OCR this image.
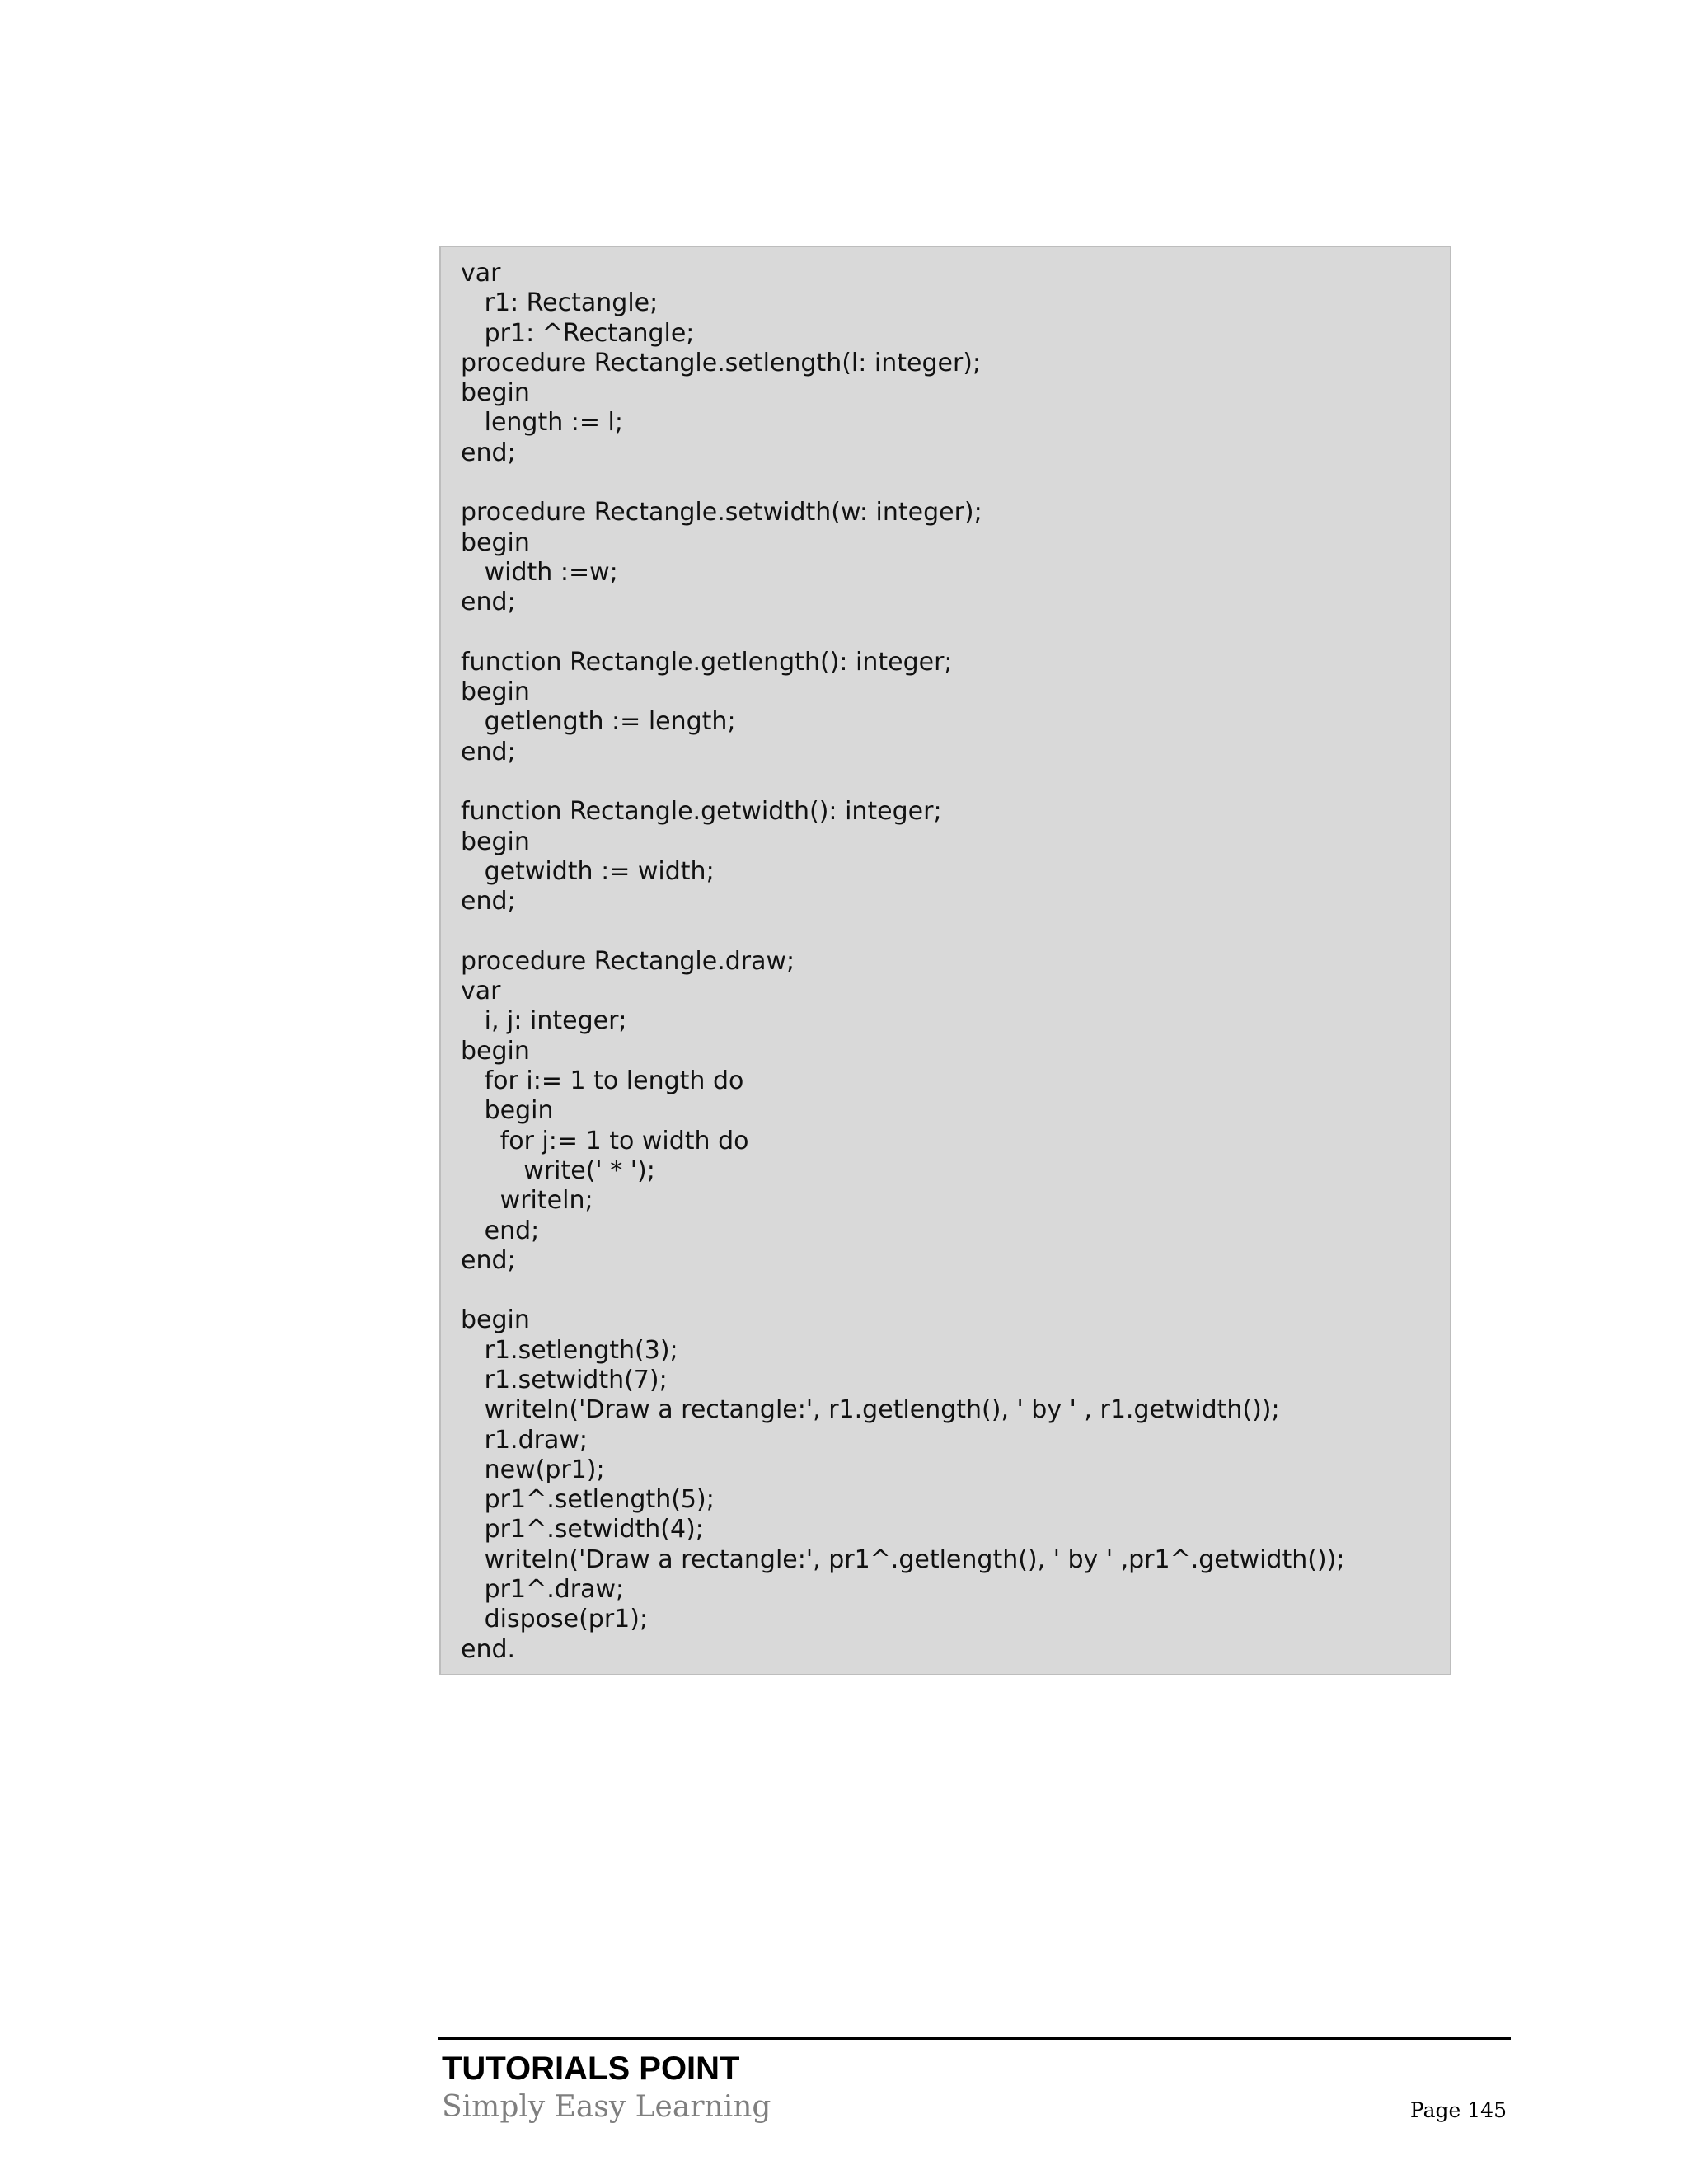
var
r1: Rectangle;
pr1: ^Rectangle;
procedure Rectangle.setlength(l: integer);
begin
length := l;
end;
procedure Rectangle.setwidth(w: integer);
begin
width :=w;
end;
function Rectangle.getlength(): integer;
begin
getlength := length;
end;
function Rectangle.getwidth(): integer;
begin
getwidth := width;
end;
procedure Rectangle.draw;
var
i, j: integer;
begin
for i:= 1 to length do
begin
for j:= 1 to width do
write(' * ');
writeln;
end;
end;
begin
r1.setlength(3);
r1.setwidth(7);
writeln('Draw a rectangle:', r1.getlength(), ' by ' , r1.getwidth());
r1.draw;
new(pr1);
pr1^.setlength(5);
pr1^.setwidth(4);
writeln('Draw a rectangle:', pr1^.getlength(), ' by ' ,pr1^.getwidth());
pr1^.draw;
dispose(pr1);
end.
TUTORIALS POINT
Simply Easy Learning	Page 145
